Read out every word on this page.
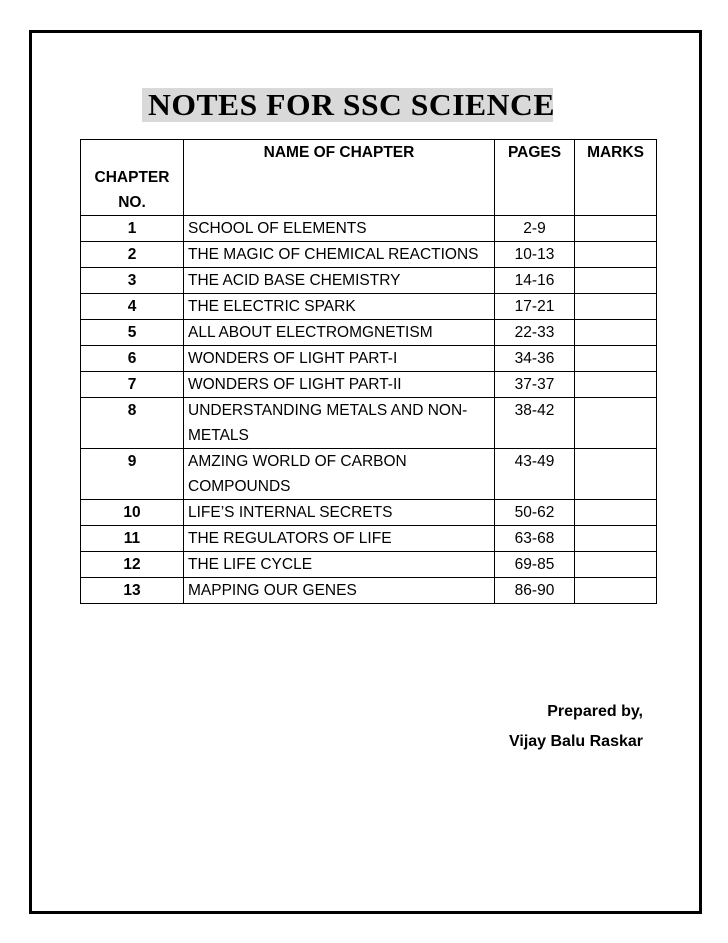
NOTES FOR SSC SCIENCE
CHAPTER NO.	NAME OF CHAPTER	PAGES	MARKS
1	SCHOOL OF ELEMENTS	2-9	
2	THE MAGIC OF CHEMICAL REACTIONS	10-13	
3	THE ACID BASE CHEMISTRY	14-16	
4	THE ELECTRIC SPARK	17-21	
5	ALL ABOUT ELECTROMGNETISM	22-33	
6	WONDERS OF LIGHT PART-I	34-36	
7	WONDERS OF LIGHT PART-II	37-37	
8	UNDERSTANDING METALS AND NON-METALS	38-42	
9	AMZING WORLD OF CARBON COMPOUNDS	43-49	
10	LIFE’S INTERNAL SECRETS	50-62	
11	THE REGULATORS OF LIFE	63-68	
12	THE LIFE CYCLE	69-85	
13	MAPPING OUR GENES	86-90	
Prepared by,
Vijay Balu Raskar
